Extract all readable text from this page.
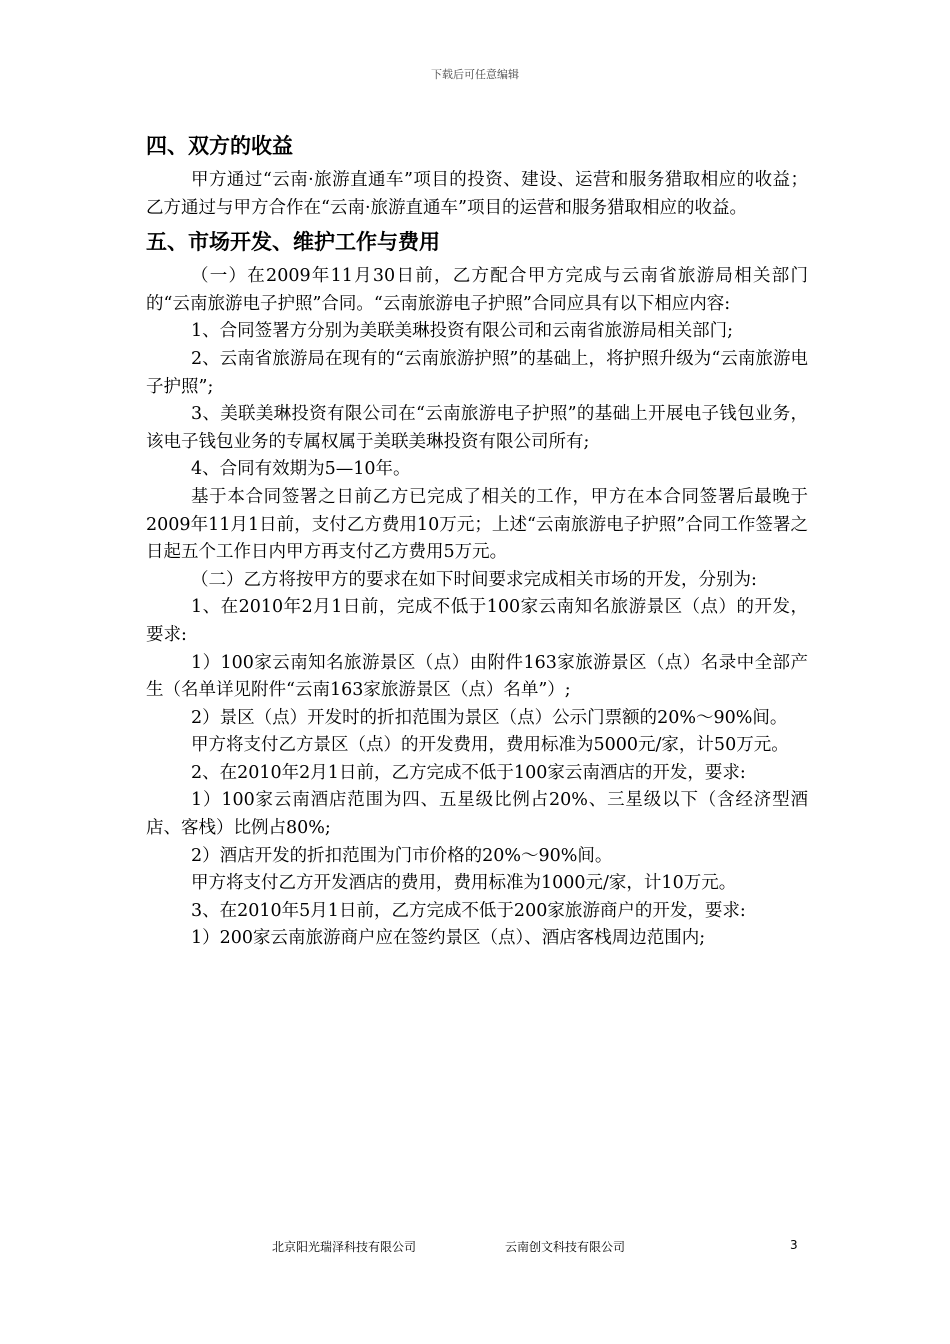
下载后可任意编辑
四、双方的收益

甲方通过“云南·旅游直通车”项目的投资、建设、运营和服务猎取相应的收益；乙方通过与甲方合作在“云南·旅游直通车”项目的运营和服务猎取相应的收益。

五、市场开发、维护工作与费用

（一）在2009年11月30日前，乙方配合甲方完成与云南省旅游局相关部门的“云南旅游电子护照”合同。“云南旅游电子护照”合同应具有以下相应内容:

1、合同签署方分别为美联美琳投资有限公司和云南省旅游局相关部门;

2、云南省旅游局在现有的“云南旅游护照”的基础上，将护照升级为“云南旅游电子护照”;

3、美联美琳投资有限公司在“云南旅游电子护照”的基础上开展电子钱包业务，该电子钱包业务的专属权属于美联美琳投资有限公司所有;

4、合同有效期为5—10年。

基于本合同签署之日前乙方已完成了相关的工作，甲方在本合同签署后最晚于2009年11月1日前，支付乙方费用10万元；上述“云南旅游电子护照”合同工作签署之日起五个工作日内甲方再支付乙方费用5万元。

（二）乙方将按甲方的要求在如下时间要求完成相关市场的开发，分别为:

1、在2010年2月1日前，完成不低于100家云南知名旅游景区（点）的开发，要求:

1）100家云南知名旅游景区（点）由附件163家旅游景区（点）名录中全部产生（名单详见附件“云南163家旅游景区（点）名单”）;

2）景区（点）开发时的折扣范围为景区（点）公示门票额的20%～90%间。

甲方将支付乙方景区（点）的开发费用，费用标准为5000元/家，计50万元。

2、在2010年2月1日前，乙方完成不低于100家云南酒店的开发，要求:

1）100家云南酒店范围为四、五星级比例占20%、三星级以下（含经济型酒店、客栈）比例占80%;

2）酒店开发的折扣范围为门市价格的20%～90%间。

甲方将支付乙方开发酒店的费用，费用标准为1000元/家，计10万元。

3、在2010年5月1日前，乙方完成不低于200家旅游商户的开发，要求:

1）200家云南旅游商户应在签约景区（点）、酒店客栈周边范围内;

北京阳光瑞泽科技有限公司	云南创文科技有限公司	3
